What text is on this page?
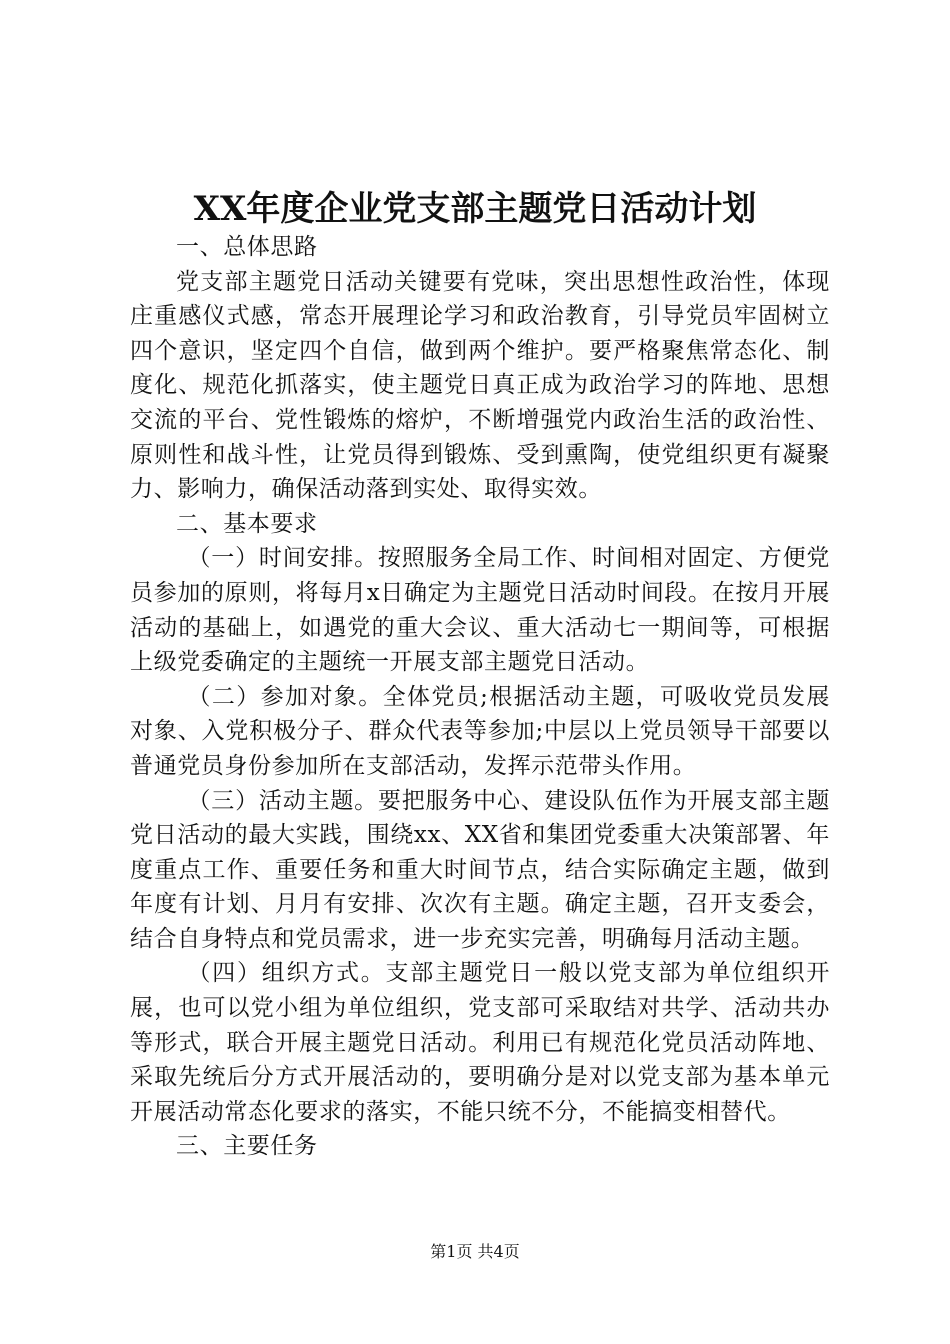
XX年度企业党支部主题党日活动计划

一、总体思路

党支部主题党日活动关键要有党味，突出思想性政治性，体现庄重感仪式感，常态开展理论学习和政治教育，引导党员牢固树立四个意识，坚定四个自信，做到两个维护。要严格聚焦常态化、制度化、规范化抓落实，使主题党日真正成为政治学习的阵地、思想交流的平台、党性锻炼的熔炉，不断增强党内政治生活的政治性、原则性和战斗性，让党员得到锻炼、受到熏陶，使党组织更有凝聚力、影响力，确保活动落到实处、取得实效。

二、基本要求

（一）时间安排。按照服务全局工作、时间相对固定、方便党员参加的原则，将每月x日确定为主题党日活动时间段。在按月开展活动的基础上，如遇党的重大会议、重大活动七一期间等，可根据上级党委确定的主题统一开展支部主题党日活动。

（二）参加对象。全体党员;根据活动主题，可吸收党员发展对象、入党积极分子、群众代表等参加;中层以上党员领导干部要以普通党员身份参加所在支部活动，发挥示范带头作用。

（三）活动主题。要把服务中心、建设队伍作为开展支部主题党日活动的最大实践，围绕xx、XX省和集团党委重大决策部署、年度重点工作、重要任务和重大时间节点，结合实际确定主题，做到年度有计划、月月有安排、次次有主题。确定主题，召开支委会，结合自身特点和党员需求，进一步充实完善，明确每月活动主题。

（四）组织方式。支部主题党日一般以党支部为单位组织开展，也可以党小组为单位组织，党支部可采取结对共学、活动共办等形式，联合开展主题党日活动。利用已有规范化党员活动阵地、采取先统后分方式开展活动的，要明确分是对以党支部为基本单元开展活动常态化要求的落实，不能只统不分，不能搞变相替代。

三、主要任务

第1页 共4页
